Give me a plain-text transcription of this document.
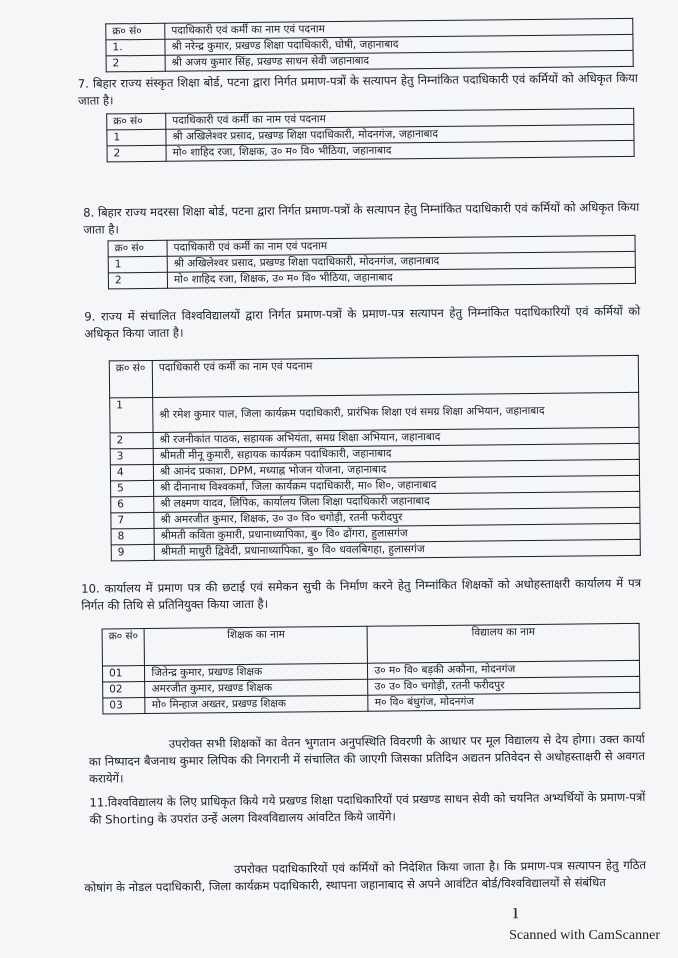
क्र० सं०	पदाधिकारी एवं कर्मी का नाम एवं पदनाम
1.	श्री नरेन्द्र कुमार, प्रखण्ड शिक्षा पदाधिकारी, घोषी, जहानाबाद
2	श्री अजय कुमार सिंह, प्रखण्ड साधन सेवी जहानाबाद
7. बिहार राज्य संस्कृत शिक्षा बोर्ड, पटना द्वारा निर्गत प्रमाण-पत्रों के सत्यापन हेतु निम्नांकित पदाधिकारी एवं कर्मियों को अधिकृत किया जाता है।
क्र० सं०	पदाधिकारी एवं कर्मी का नाम एवं पदनाम
1	श्री अखिलेश्वर प्रसाद, प्रखण्ड शिक्षा पदाधिकारी, मोदनगंज, जहानाबाद
2	मो० शाहिद रजा, शिक्षक, उ० म० वि० भीठिया, जहानाबाद
8. बिहार राज्य मदरसा शिक्षा बोर्ड, पटना द्वारा निर्गत प्रमाण-पत्रों के सत्यापन हेतु निम्नांकित पदाधिकारी एवं कर्मियों को अधिकृत किया जाता है।
क्र० सं०	पदाधिकारी एवं कर्मी का नाम एवं पदनाम
1	श्री अखिलेश्वर प्रसाद, प्रखण्ड शिक्षा पदाधिकारी, मोदनगंज, जहानाबाद
2	मो० शाहिद रजा, शिक्षक, उ० म० वि० भीठिया, जहानाबाद
9. राज्य में संचालित विश्वविद्यालयों द्वारा निर्गत प्रमाण-पत्रों के प्रमाण-पत्र सत्यापन हेतु निम्नांकित पदाधिकारियों एवं कर्मियों को अधिकृत किया जाता है।
क्र० सं०	पदाधिकारी एवं कर्मी का नाम एवं पदनाम
1	श्री रमेश कुमार पाल, जिला कार्यक्रम पदाधिकारी, प्रारंभिक शिक्षा एवं समग्र शिक्षा अभियान, जहानाबाद
2	श्री रजनीकांत पाठक, सहायक अभियंता, समग्र शिक्षा अभियान, जहानाबाद
3	श्रीमती मीनू कुमारी, सहायक कार्यक्रम पदाधिकारी, जहानाबाद
4	श्री आनंद प्रकाश, DPM, मध्याह्न भोजन योजना, जहानाबाद
5	श्री दीनानाथ विश्वकर्मा, जिला कार्यक्रम पदाधिकारी, मा० शि०, जहानाबाद
6	श्री लक्ष्मण यादव, लिपिक, कार्यालय जिला शिक्षा पदाधिकारी जहानाबाद
7	श्री अमरजीत कुमार, शिक्षक, उ० उ० वि० चगोड़ी, रतनी फरीदपुर
8	श्रीमती कविता कुमारी, प्रधानाध्यापिका, बु० वि० ढोंगरा, हुलासगंज
9	श्रीमती माधुरी द्विवेदी, प्रधानाध्यापिका, बु० वि० धवलबिगहा, हुलासगंज
10. कार्यालय में प्रमाण पत्र की छटाई एवं समेकन सुची के निर्माण करने हेतु निम्नांकित शिक्षकों को अधोहस्ताक्षरी कार्यालय में पत्र निर्गत की तिथि से प्रतिनियुक्त किया जाता है।
क्र० सं०	शिक्षक का नाम	विद्यालय का नाम
01	जितेन्द्र कुमार, प्रखण्ड शिक्षक	उ० म० वि० बड़की अकौना, मोदनगंज
02	अमरजीत कुमार, प्रखण्ड शिक्षक	उ० उ० वि० चगोड़ी, रतनी फरीदपुर
03	मो० मिन्हाज अख्तर, प्रखण्ड शिक्षक	म० वि० बंधुगंज, मोदनगंज
उपरोक्त सभी शिक्षकों का वेतन भुगतान अनुपस्थिति विवरणी के आधार पर मूल विद्यालय से देय होगा। उक्त कार्या का निष्पादन बैजनाथ कुमार लिपिक की निगरानी में संचालित की जाएगी जिसका प्रतिदिन अद्यतन प्रतिवेदन से अधोहस्ताक्षरी से अवगत करायेगें।
11.विश्वविद्यालय के लिए प्राधिकृत किये गये प्रखण्ड शिक्षा पदाधिकारियों एवं प्रखण्ड साधन सेवी को चयनित अभ्यर्थियों के प्रमाण-पत्रों की Shorting के उपरांत उन्हें अलग विश्वविद्यालय आंवटित किये जायेंगे।
उपरोक्त पदाधिकारियों एवं कर्मियों को निदेशित किया जाता है। कि प्रमाण-पत्र सत्यापन हेतु गठित कोषांग के नोडल पदाधिकारी, जिला कार्यक्रम पदाधिकारी, स्थापना जहानाबाद से अपने आवंटित बोर्ड/विश्वविद्यालयों से संबंधित
ı
Scanned with CamScanner
